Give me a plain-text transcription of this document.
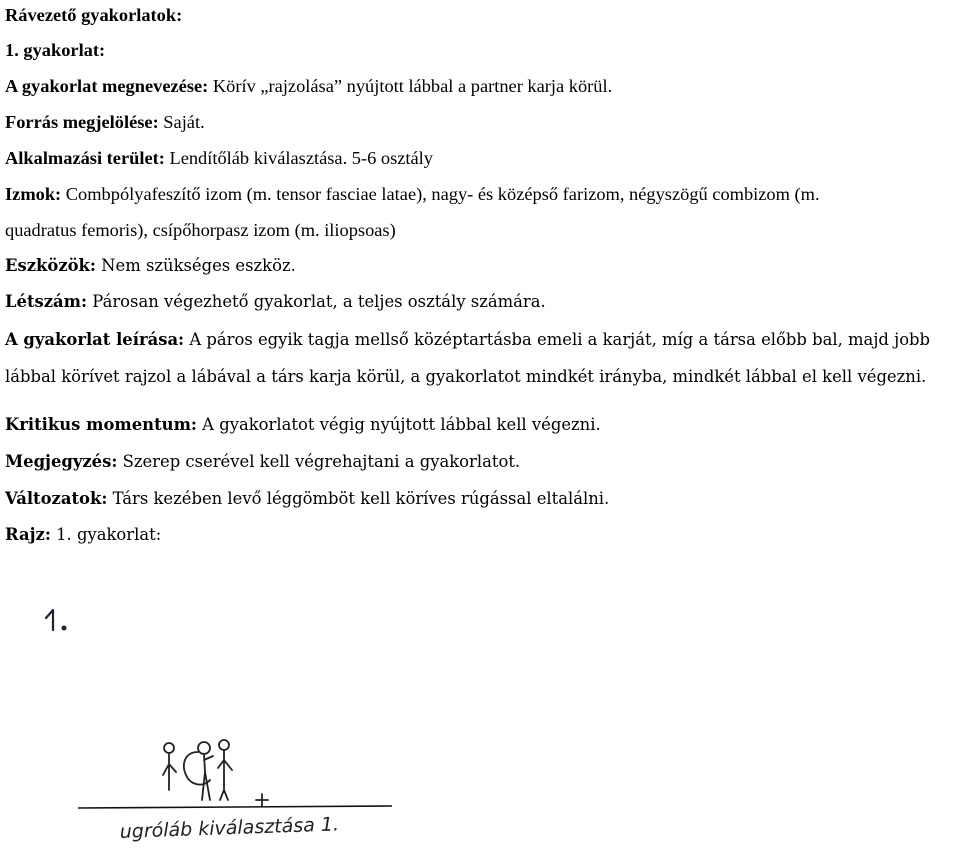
Rávezető gyakorlatok:
1. gyakorlat:
A gyakorlat megnevezése: Körív „rajzolása” nyújtott lábbal a partner karja körül.
Forrás megjelölése: Saját.
Alkalmazási terület: Lendítőláb kiválasztása. 5-6 osztály
Izmok: Combpólyafeszítő izom (m. tensor fasciae latae), nagy- és középső farizom, négyszögű combizom (m.
quadratus femoris), csípőhorpasz izom (m. iliopsoas)
Eszközök: Nem szükséges eszköz.
Létszám: Párosan végezhető gyakorlat, a teljes osztály számára.
A gyakorlat leírása: A páros egyik tagja mellső középtartásba emeli a karját, míg a társa előbb bal, majd jobb
lábbal körívet rajzol a lábával a társ karja körül, a gyakorlatot mindkét irányba, mindkét lábbal el kell végezni.
Kritikus momentum: A gyakorlatot végig nyújtott lábbal kell végezni.
Megjegyzés: Szerep cserével kell végrehajtani a gyakorlatot.
Változatok: Társ kezében levő léggömböt kell köríves rúgással eltalálni.
Rajz: 1. gyakorlat:
ugróláb kiválasztása 1.
